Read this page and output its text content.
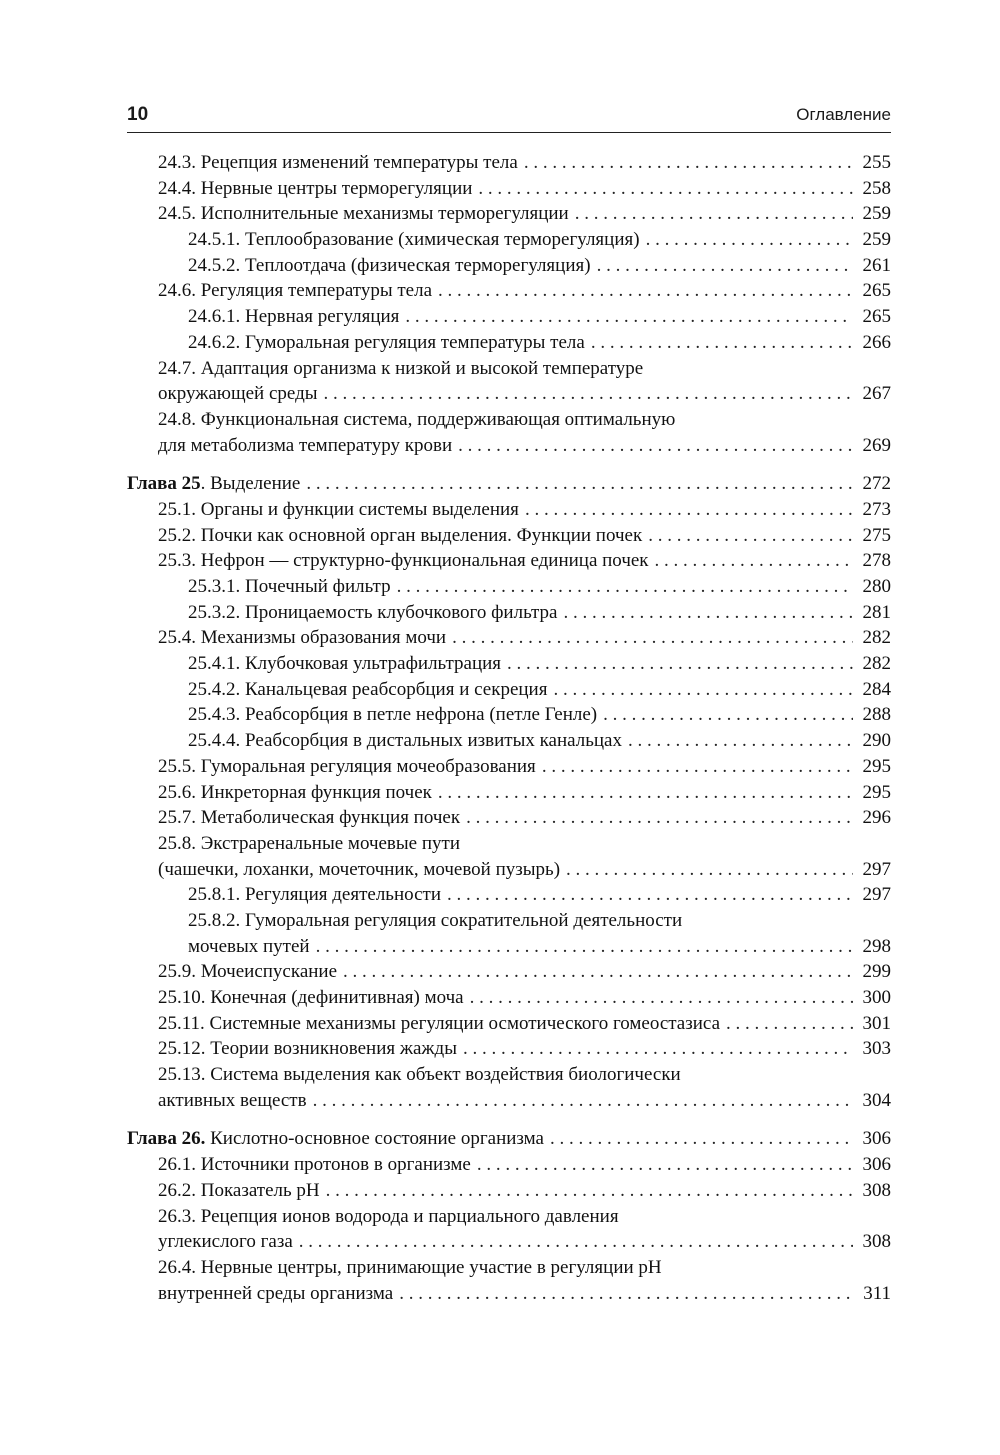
10	Оглавление
24.3. Рецепция изменений температуры тела . . .	255
24.4. Нервные центры терморегуляции . . .	258
24.5. Исполнительные механизмы терморегуляции . . .	259
24.5.1. Теплообразование (химическая терморегуляция) . . .	259
24.5.2. Теплоотдача (физическая терморегуляция) . . .	261
24.6. Регуляция температуры тела . . .	265
24.6.1. Нервная регуляция . . .	265
24.6.2. Гуморальная регуляция температуры тела . . .	266
24.7. Адаптация организма к низкой и высокой температуре
окружающей среды . . .	267
24.8. Функциональная система, поддерживающая оптимальную
для метаболизма температуру крови . . .	269
Глава 25. Выделение . . .	272
25.1. Органы и функции системы выделения . . .	273
25.2. Почки как основной орган выделения. Функции почек . . .	275
25.3. Нефрон — структурно-функциональная единица почек . . .	278
25.3.1. Почечный фильтр . . .	280
25.3.2. Проницаемость клубочкового фильтра . . .	281
25.4. Механизмы образования мочи . . .	282
25.4.1. Клубочковая ультрафильтрация . . .	282
25.4.2. Канальцевая реабсорбция и секреция . . .	284
25.4.3. Реабсорбция в петле нефрона (петле Генле) . . .	288
25.4.4. Реабсорбция в дистальных извитых канальцах . . .	290
25.5. Гуморальная регуляция мочеобразования . . .	295
25.6. Инкреторная функция почек . . .	295
25.7. Метаболическая функция почек . . .	296
25.8. Экстраренальные мочевые пути
(чашечки, лоханки, мочеточник, мочевой пузырь) . . .	297
25.8.1. Регуляция деятельности . . .	297
25.8.2. Гуморальная регуляция сократительной деятельности
мочевых путей . . .	298
25.9. Мочеиспускание . . .	299
25.10. Конечная (дефинитивная) моча . . .	300
25.11. Системные механизмы регуляции осмотического гомеостазиса . . .	301
25.12. Теории возникновения жажды . . .	303
25.13. Система выделения как объект воздействия биологически
активных веществ . . .	304
Глава 26. Кислотно-основное состояние организма . . .	306
26.1. Источники протонов в организме . . .	306
26.2. Показатель рН . . .	308
26.3. Рецепция ионов водорода и парциального давления
углекислого газа . . .	308
26.4. Нервные центры, принимающие участие в регуляции рН
внутренней среды организма . . .	311
